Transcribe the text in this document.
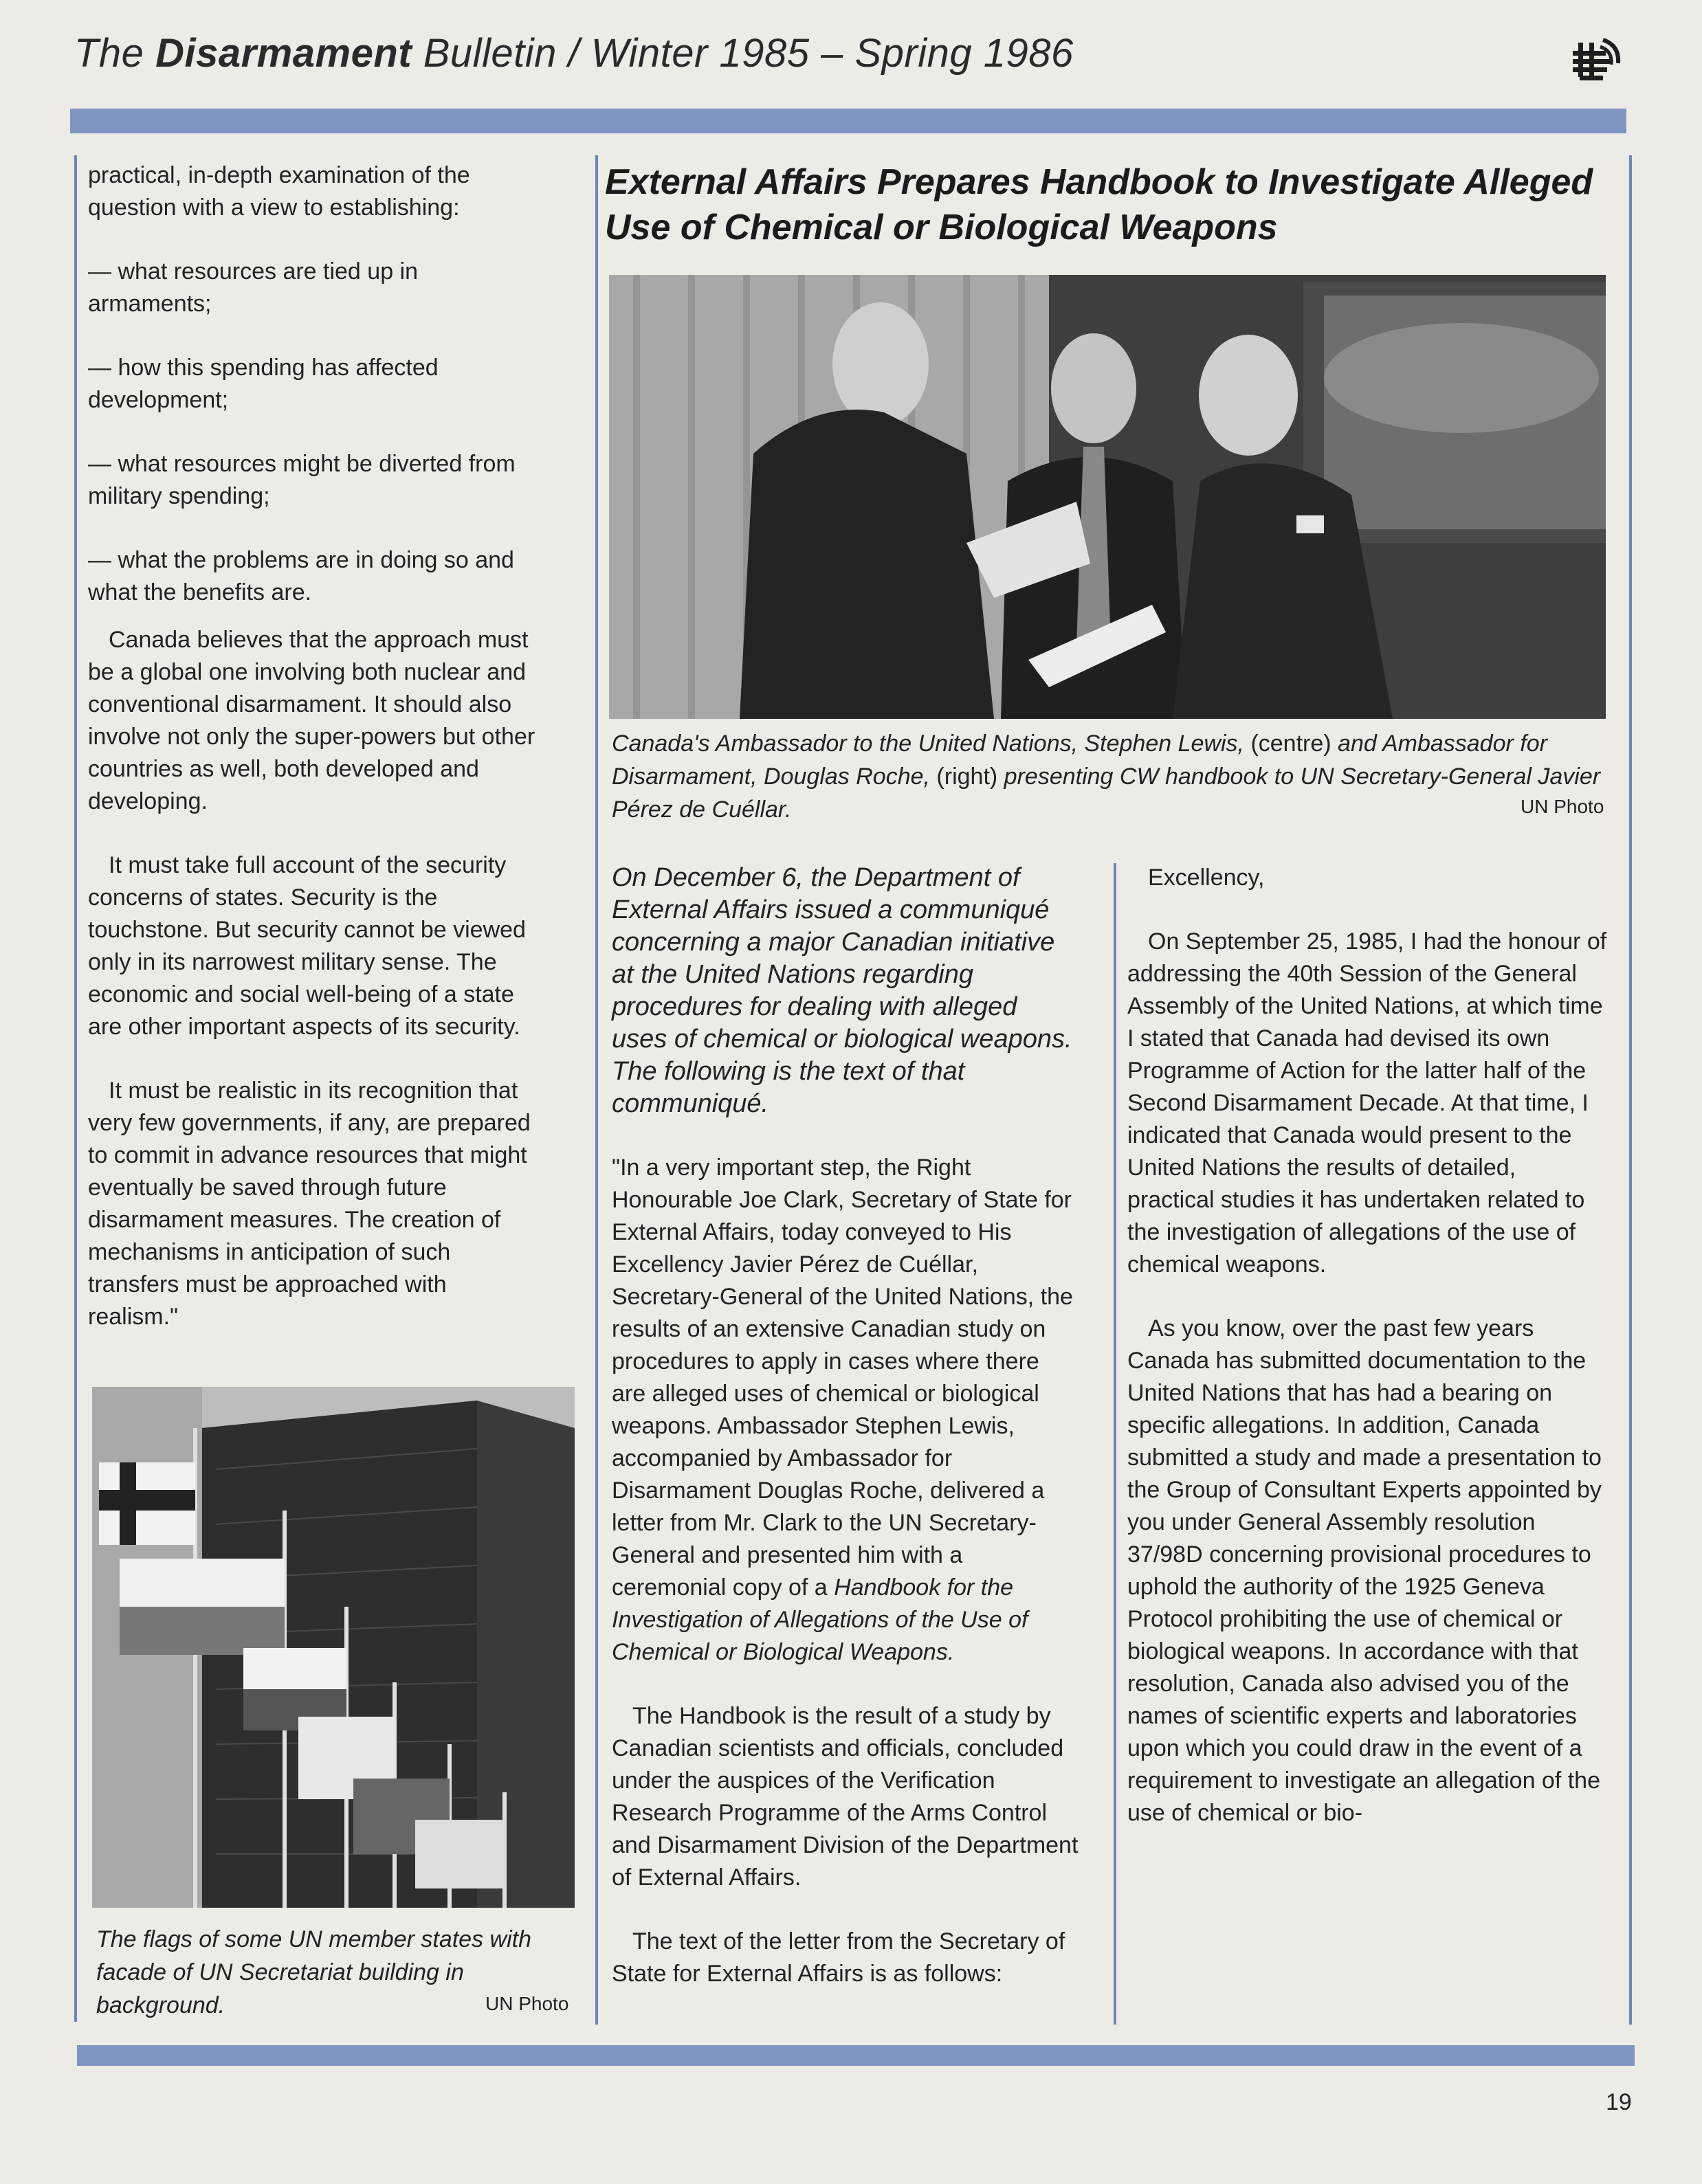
The Disarmament Bulletin / Winter 1985 – Spring 1986

practical, in-depth examination of the question with a view to establishing:

— what resources are tied up in armaments;

— how this spending has affected development;

— what resources might be diverted from military spending;

— what the problems are in doing so and what the benefits are.

Canada believes that the approach must be a global one involving both nuclear and conventional disarmament. It should also involve not only the super-powers but other countries as well, both developed and developing.

It must take full account of the security concerns of states. Security is the touchstone. But security cannot be viewed only in its narrowest military sense. The economic and social well-being of a state are other important aspects of its security.

It must be realistic in its recognition that very few governments, if any, are prepared to commit in advance resources that might eventually be saved through future disarmament measures. The creation of mechanisms in anticipation of such transfers must be approached with realism."

The flags of some UN member states with facade of UN Secretariat building in background.	UN Photo
External Affairs Prepares Handbook to Investigate Alleged Use of Chemical or Biological Weapons
Canada's Ambassador to the United Nations, Stephen Lewis, (centre) and Ambassador for Disarmament, Douglas Roche, (right) presenting CW handbook to UN Secretary-General Javier Pérez de Cuéllar.	UN Photo

On December 6, the Department of External Affairs issued a communiqué concerning a major Canadian initiative at the United Nations regarding procedures for dealing with alleged uses of chemical or biological weapons. The following is the text of that communiqué.

"In a very important step, the Right Honourable Joe Clark, Secretary of State for External Affairs, today conveyed to His Excellency Javier Pérez de Cuéllar, Secretary-General of the United Nations, the results of an extensive Canadian study on procedures to apply in cases where there are alleged uses of chemical or biological weapons. Ambassador Stephen Lewis, accompanied by Ambassador for Disarmament Douglas Roche, delivered a letter from Mr. Clark to the UN Secretary-General and presented him with a ceremonial copy of a Handbook for the Investigation of Allegations of the Use of Chemical or Biological Weapons.

The Handbook is the result of a study by Canadian scientists and officials, concluded under the auspices of the Verification Research Programme of the Arms Control and Disarmament Division of the Department of External Affairs.

The text of the letter from the Secretary of State for External Affairs is as follows:

Excellency,

On September 25, 1985, I had the honour of addressing the 40th Session of the General Assembly of the United Nations, at which time I stated that Canada had devised its own Programme of Action for the latter half of the Second Disarmament Decade. At that time, I indicated that Canada would present to the United Nations the results of detailed, practical studies it has undertaken related to the investigation of allegations of the use of chemical weapons.

As you know, over the past few years Canada has submitted documentation to the United Nations that has had a bearing on specific allegations. In addition, Canada submitted a study and made a presentation to the Group of Consultant Experts appointed by you under General Assembly resolution 37/98D concerning provisional procedures to uphold the authority of the 1925 Geneva Protocol prohibiting the use of chemical or biological weapons. In accordance with that resolution, Canada also advised you of the names of scientific experts and laboratories upon which you could draw in the event of a requirement to investigate an allegation of the use of chemical or bio-

19
